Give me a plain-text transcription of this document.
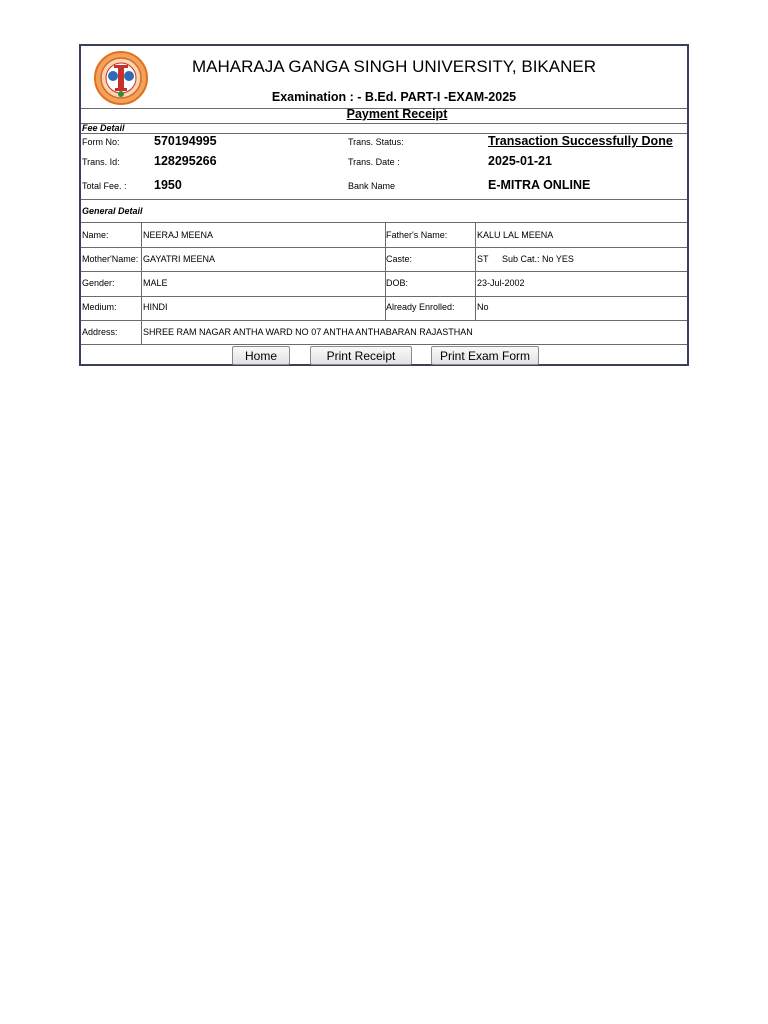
MAHARAJA GANGA SINGH UNIVERSITY, BIKANER
Examination : - B.Ed. PART-I -EXAM-2025
Payment Receipt
Fee Detail
Form No:	570194995	Trans. Status:	Transaction Successfully Done
Trans. Id:	128295266	Trans. Date :	2025-01-21
Total Fee. : 1950	Bank Name	E-MITRA ONLINE
General Detail
Name:	NEERAJ MEENA	Father's Name:	KALU LAL MEENA
Mother'Name: GAYATRI MEENA	Caste:	ST Sub Cat.: No YES
Gender:	MALE	DOB:	23-Jul-2002
Medium:	HINDI	Already Enrolled: No
Address:	SHREE RAM NAGAR ANTHA WARD NO 07 ANTHA ANTHABARAN RAJASTHAN
Home	Print Receipt	Print Exam Form
